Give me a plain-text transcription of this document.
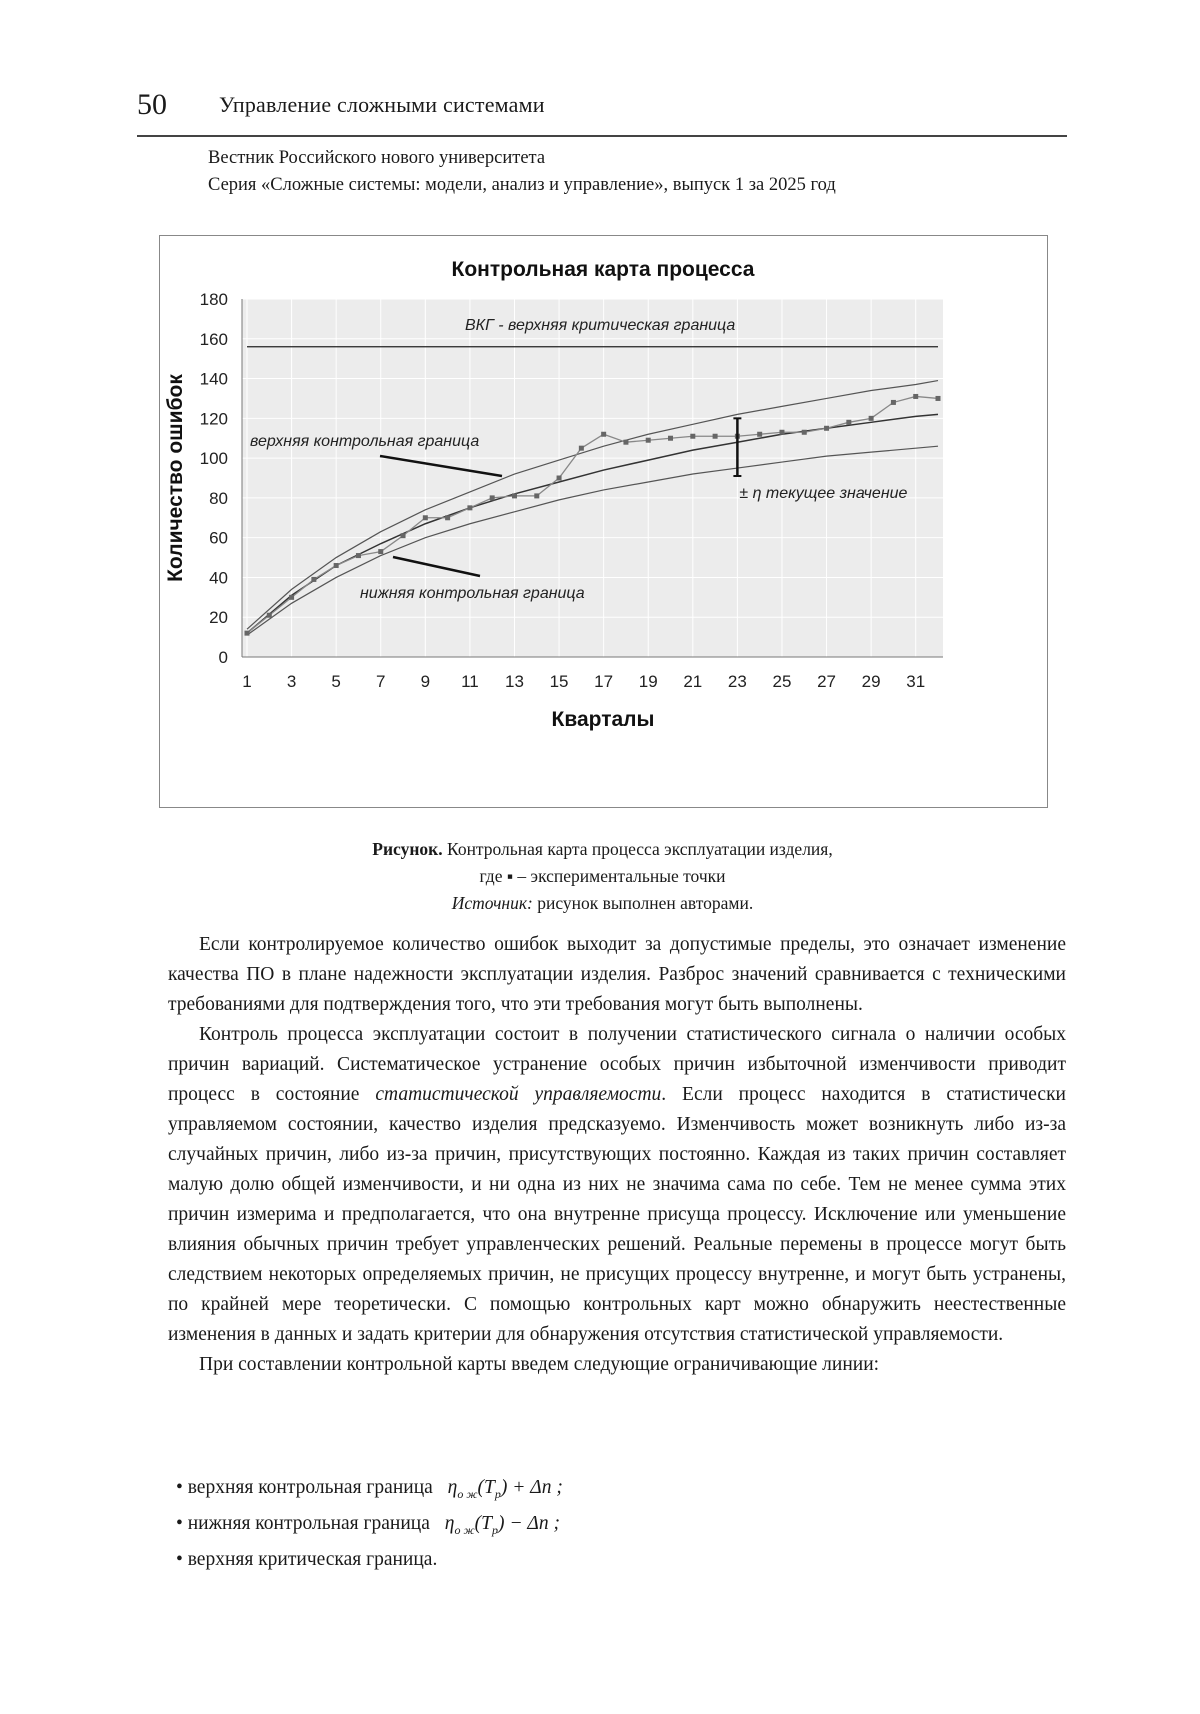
50 Управление сложными системами
Вестник Российского нового университета
Серия «Сложные системы: модели, анализ и управление», выпуск 1 за 2025 год
0
20
40
60
80
100
120
140
160
180
1 3 5 7 9 11 13 15 17 19 21 23 25 27 29 31
Контрольная карта процесса
Кварталы
Количество ошибок
ВКГ - верхняя критическая граница
верхняя контрольная граница
нижняя контрольная граница
± η текущее значение
Рисунок. Контрольная карта процесса эксплуатации изделия,
где ▪ – экспериментальные точки
Источник: рисунок выполнен авторами.

Если контролируемое количество ошибок выходит за допустимые пределы, это означает изменение качества ПО в плане надежности эксплуатации изделия. Разброс значений сравнивается с техническими требованиями для подтверждения того, что эти требования могут быть выполнены.

Контроль процесса эксплуатации состоит в получении статистического сигнала о наличии особых причин вариаций. Систематическое устранение особых причин избыточной изменчивости приводит процесс в состояние статистической управляемости. Если процесс находится в статистически управляемом состоянии, качество изделия предсказуемо. Изменчивость может возникнуть либо из-за случайных причин, либо из-за причин, присутствующих постоянно. Каждая из таких причин составляет малую долю общей изменчивости, и ни одна из них не значима сама по себе. Тем не менее сумма этих причин измерима и предполагается, что она внутренне присуща процессу. Исключение или уменьшение влияния обычных причин требует управленческих решений. Реальные перемены в процессе могут быть следствием некоторых определяемых причин, не присущих процессу внутренне, и могут быть устранены, по крайней мере теоретически. С помощью контрольных карт можно обнаружить неестественные изменения в данных и задать критерии для обнаружения отсутствия статистической управляемости.

При составлении контрольной карты введем следующие ограничивающие линии:

• верхняя контрольная граница $\eta_{о ж}(T_p) + \Delta n$ ;
• нижняя контрольная граница $\eta_{о ж}(T_p) - \Delta n$ ;
• верхняя критическая граница.
